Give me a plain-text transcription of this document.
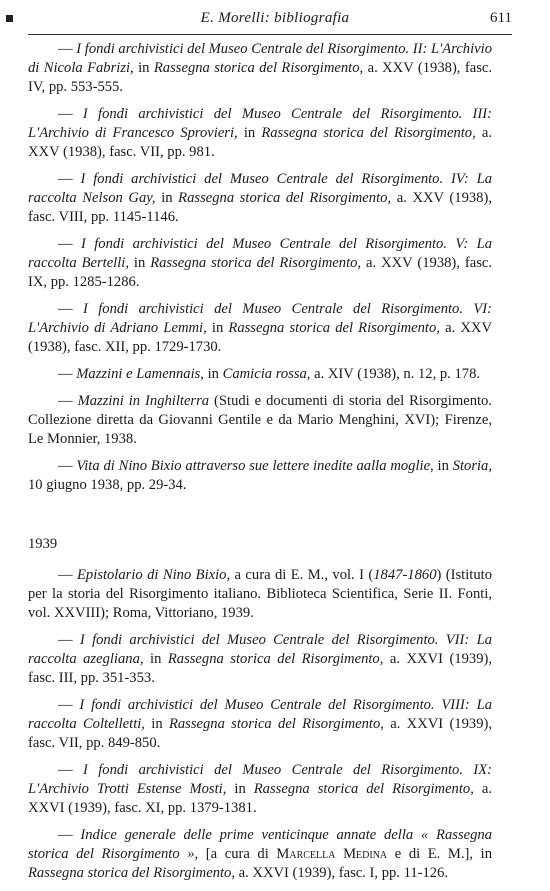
E. Morelli: bibliografia	611

— I fondi archivistici del Museo Centrale del Risorgimento. II: L'Archivio di Nicola Fabrizi, in Rassegna storica del Risorgimento, a. XXV (1938), fasc. IV, pp. 553-555.

— I fondi archivistici del Museo Centrale del Risorgimento. III: L'Archivio di Francesco Sprovieri, in Rassegna storica del Risorgimento, a. XXV (1938), fasc. VII, pp. 981.

— I fondi archivistici del Museo Centrale del Risorgimento. IV: La raccolta Nelson Gay, in Rassegna storica del Risorgimento, a. XXV (1938), fasc. VIII, pp. 1145-1146.

— I fondi archivistici del Museo Centrale del Risorgimento. V: La raccolta Bertelli, in Rassegna storica del Risorgimento, a. XXV (1938), fasc. IX, pp. 1285-1286.

— I fondi archivistici del Museo Centrale del Risorgimento. VI: L'Archivio di Adriano Lemmi, in Rassegna storica del Risorgimento, a. XXV (1938), fasc. XII, pp. 1729-1730.

— Mazzini e Lamennais, in Camicia rossa, a. XIV (1938), n. 12, p. 178.

— Mazzini in Inghilterra (Studi e documenti di storia del Risorgimento. Collezione diretta da Giovanni Gentile e da Mario Menghini, XVI); Firenze, Le Monnier, 1938.

— Vita di Nino Bixio attraverso sue lettere inedite aalla moglie, in Storia, 10 giugno 1938, pp. 29-34.

1939

— Epistolario di Nino Bixio, a cura di E. M., vol. I (1847-1860) (Istituto per la storia del Risorgimento italiano. Biblioteca Scientifica, Serie II. Fonti, vol. XXVIII); Roma, Vittoriano, 1939.

— I fondi archivistici del Museo Centrale del Risorgimento. VII: La raccolta azegliana, in Rassegna storica del Risorgimento, a. XXVI (1939), fasc. III, pp. 351-353.

— I fondi archivistici del Museo Centrale del Risorgimento. VIII: La raccolta Coltelletti, in Rassegna storica del Risorgimento, a. XXVI (1939), fasc. VII, pp. 849-850.

— I fondi archivistici del Museo Centrale del Risorgimento. IX: L'Archivio Trotti Estense Mosti, in Rassegna storica del Risorgimento, a. XXVI (1939), fasc. XI, pp. 1379-1381.

— Indice generale delle prime venticinque annate della « Rassegna storica del Risorgimento », [a cura di Marcella Medina e di E. M.], in Rassegna storica del Risorgimento, a. XXVI (1939), fasc. I, pp. 11-126.
